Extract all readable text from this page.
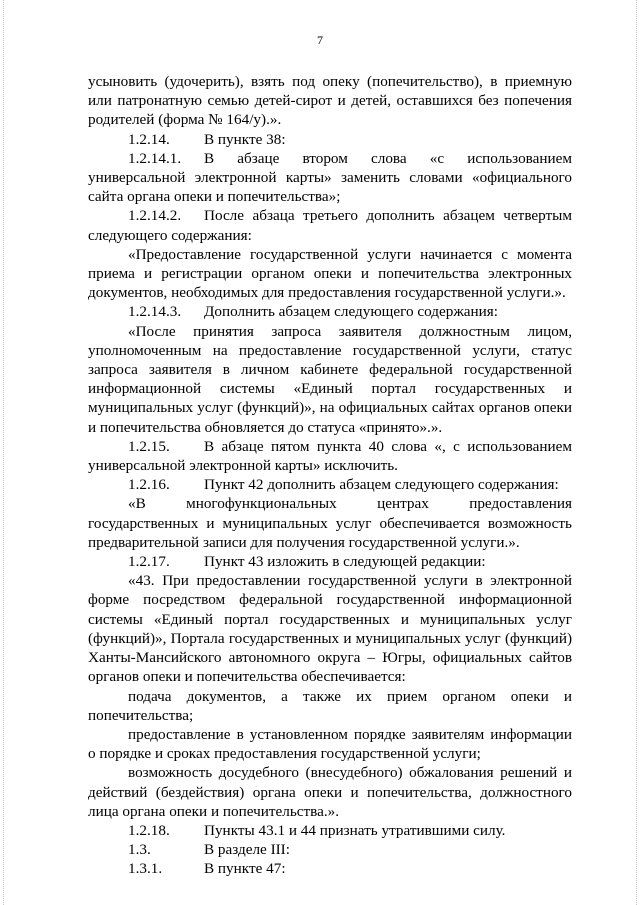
7

усыновить (удочерить), взять под опеку (попечительство), в приемную или патронатную семью детей-сирот и детей, оставшихся без попечения родителей (форма № 164/у).».

1.2.14. В пункте 38:

1.2.14.1. В абзаце втором слова «с использованием универсальной электронной карты» заменить словами «официального сайта органа опеки и попечительства»;

1.2.14.2. После абзаца третьего дополнить абзацем четвертым следующего содержания:

«Предоставление государственной услуги начинается с момента приема и регистрации органом опеки и попечительства электронных документов, необходимых для предоставления государственной услуги.».

1.2.14.3. Дополнить абзацем следующего содержания:

«После принятия запроса заявителя должностным лицом, уполномоченным на предоставление государственной услуги, статус запроса заявителя в личном кабинете федеральной государственной информационной системы «Единый портал государственных и муниципальных услуг (функций)», на официальных сайтах органов опеки и попечительства обновляется до статуса «принято».».

1.2.15. В абзаце пятом пункта 40 слова «, с использованием универсальной электронной карты» исключить.

1.2.16. Пункт 42 дополнить абзацем следующего содержания:

«В многофункциональных центрах предоставления государственных и муниципальных услуг обеспечивается возможность предварительной записи для получения государственной услуги.».

1.2.17. Пункт 43 изложить в следующей редакции:

«43. При предоставлении государственной услуги в электронной форме посредством федеральной государственной информационной системы «Единый портал государственных и муниципальных услуг (функций)», Портала государственных и муниципальных услуг (функций) Ханты-Мансийского автономного округа – Югры, официальных сайтов органов опеки и попечительства обеспечивается:

подача документов, а также их прием органом опеки и попечительства;

предоставление в установленном порядке заявителям информации о порядке и сроках предоставления государственной услуги;

возможность досудебного (внесудебного) обжалования решений и действий (бездействия) органа опеки и попечительства, должностного лица органа опеки и попечительства.».

1.2.18. Пункты 43.1 и 44 признать утратившими силу.

1.3.	В разделе III:

1.3.1.	В пункте 47:
